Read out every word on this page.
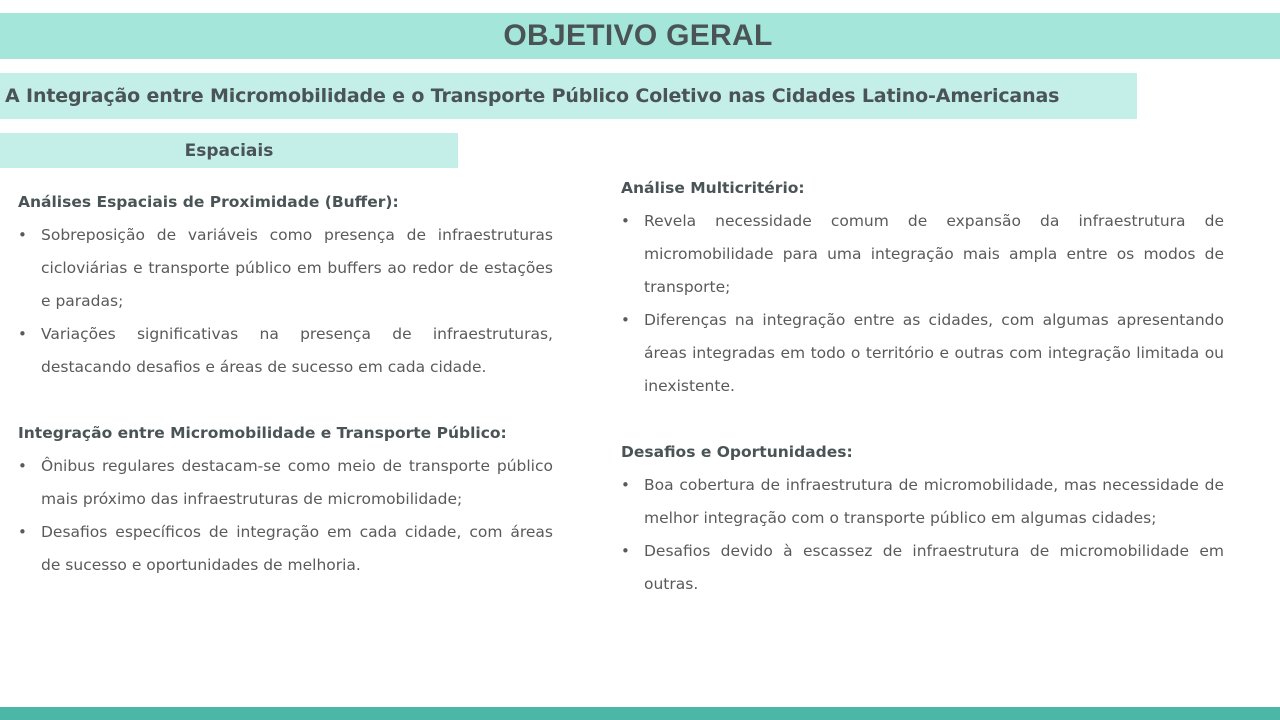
OBJETIVO GERAL
A Integração entre Micromobilidade e o Transporte Público Coletivo nas Cidades Latino-Americanas
Espaciais
Análises Espaciais de Proximidade (Buffer):
• Sobreposição de variáveis como presença de infraestruturas cicloviárias e transporte público em buffers ao redor de estações e paradas;
• Variações significativas na presença de infraestruturas, destacando desafios e áreas de sucesso em cada cidade.
Integração entre Micromobilidade e Transporte Público:
• Ônibus regulares destacam-se como meio de transporte público mais próximo das infraestruturas de micromobilidade;
• Desafios específicos de integração em cada cidade, com áreas de sucesso e oportunidades de melhoria.
Análise Multicritério:
• Revela necessidade comum de expansão da infraestrutura de micromobilidade para uma integração mais ampla entre os modos de transporte;
• Diferenças na integração entre as cidades, com algumas apresentando áreas integradas em todo o território e outras com integração limitada ou inexistente.
Desafios e Oportunidades:
• Boa cobertura de infraestrutura de micromobilidade, mas necessidade de melhor integração com o transporte público em algumas cidades;
• Desafios devido à escassez de infraestrutura de micromobilidade em outras.
